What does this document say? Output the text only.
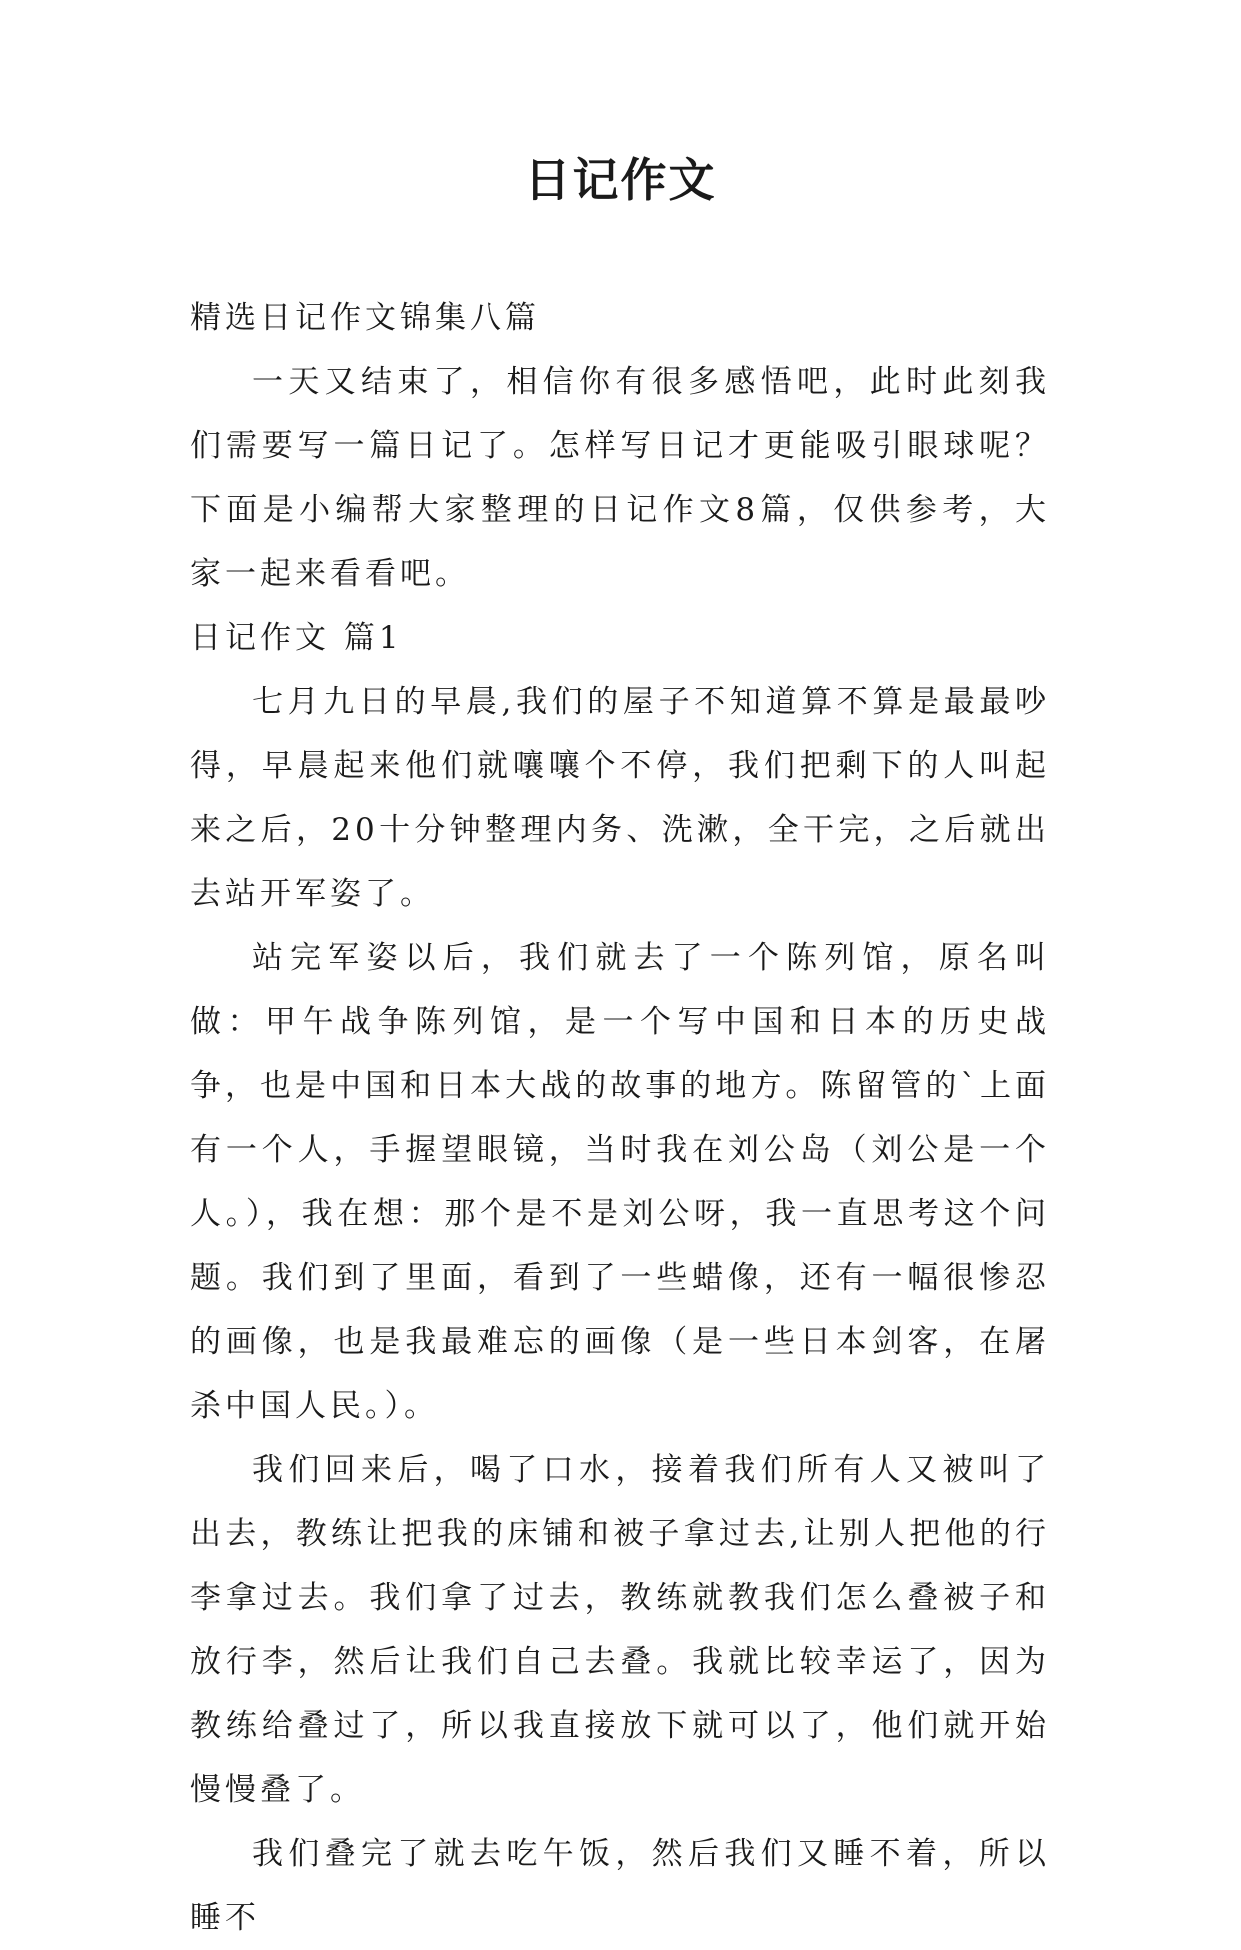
日记作文

精选日记作文锦集八篇

一天又结束了，相信你有很多感悟吧，此时此刻我们需要写一篇日记了。怎样写日记才更能吸引眼球呢？下面是小编帮大家整理的日记作文8篇，仅供参考，大家一起来看看吧。

日记作文 篇1

七月九日的早晨,我们的屋子不知道算不算是最最吵得，早晨起来他们就嚷嚷个不停，我们把剩下的人叫起来之后，20十分钟整理内务、洗漱，全干完，之后就出去站开军姿了。

站完军姿以后，我们就去了一个陈列馆，原名叫做：甲午战争陈列馆，是一个写中国和日本的历史战争，也是中国和日本大战的故事的地方。陈留管的`上面有一个人，手握望眼镜，当时我在刘公岛（刘公是一个人。），我在想：那个是不是刘公呀，我一直思考这个问题。我们到了里面，看到了一些蜡像，还有一幅很惨忍的画像，也是我最难忘的画像（是一些日本剑客，在屠杀中国人民。）。

我们回来后，喝了口水，接着我们所有人又被叫了出去，教练让把我的床铺和被子拿过去,让别人把他的行李拿过去。我们拿了过去，教练就教我们怎么叠被子和放行李，然后让我们自己去叠。我就比较幸运了，因为教练给叠过了，所以我直接放下就可以了，他们就开始慢慢叠了。

我们叠完了就去吃午饭，然后我们又睡不着，所以睡不
